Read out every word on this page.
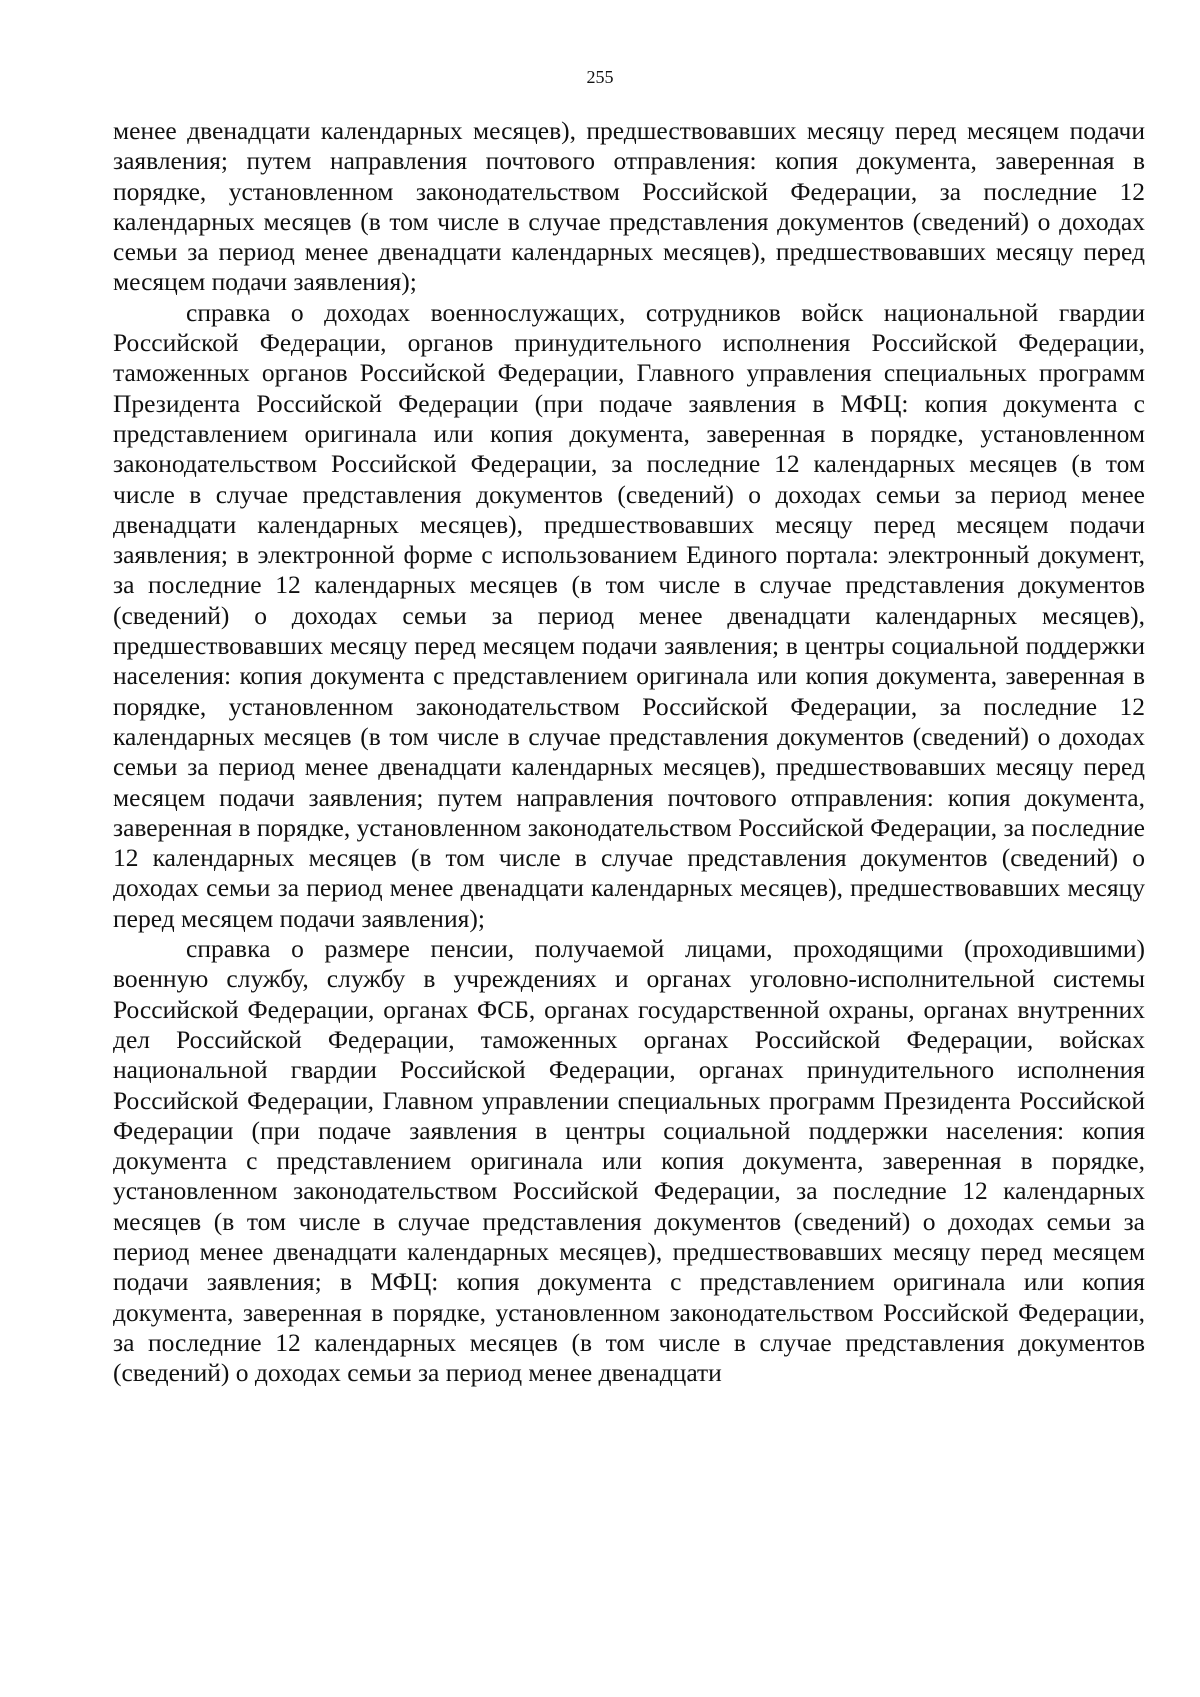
255

менее двенадцати календарных месяцев), предшествовавших месяцу перед месяцем подачи заявления; путем направления почтового отправления: копия документа, заверенная в порядке, установленном законодательством Российской Федерации, за последние 12 календарных месяцев (в том числе в случае представления документов (сведений) о доходах семьи за период менее двенадцати календарных месяцев), предшествовавших месяцу перед месяцем подачи заявления);

справка о доходах военнослужащих, сотрудников войск национальной гвардии Российской Федерации, органов принудительного исполнения Российской Федерации, таможенных органов Российской Федерации, Главного управления специальных программ Президента Российской Федерации (при подаче заявления в МФЦ: копия документа с представлением оригинала или копия документа, заверенная в порядке, установленном законодательством Российской Федерации, за последние 12 календарных месяцев (в том числе в случае представления документов (сведений) о доходах семьи за период менее двенадцати календарных месяцев), предшествовавших месяцу перед месяцем подачи заявления; в электронной форме с использованием Единого портала: электронный документ, за последние 12 календарных месяцев (в том числе в случае представления документов (сведений) о доходах семьи за период менее двенадцати календарных месяцев), предшествовавших месяцу перед месяцем подачи заявления; в центры социальной поддержки населения: копия документа с представлением оригинала или копия документа, заверенная в порядке, установленном законодательством Российской Федерации, за последние 12 календарных месяцев (в том числе в случае представления документов (сведений) о доходах семьи за период менее двенадцати календарных месяцев), предшествовавших месяцу перед месяцем подачи заявления; путем направления почтового отправления: копия документа, заверенная в порядке, установленном законодательством Российской Федерации, за последние 12 календарных месяцев (в том числе в случае представления документов (сведений) о доходах семьи за период менее двенадцати календарных месяцев), предшествовавших месяцу перед месяцем подачи заявления);

справка о размере пенсии, получаемой лицами, проходящими (проходившими) военную службу, службу в учреждениях и органах уголовно-исполнительной системы Российской Федерации, органах ФСБ, органах государственной охраны, органах внутренних дел Российской Федерации, таможенных органах Российской Федерации, войсках национальной гвардии Российской Федерации, органах принудительного исполнения Российской Федерации, Главном управлении специальных программ Президента Российской Федерации (при подаче заявления в центры социальной поддержки населения: копия документа с представлением оригинала или копия документа, заверенная в порядке, установленном законодательством Российской Федерации, за последние 12 календарных месяцев (в том числе в случае представления документов (сведений) о доходах семьи за период менее двенадцати календарных месяцев), предшествовавших месяцу перед месяцем подачи заявления; в МФЦ: копия документа с представлением оригинала или копия документа, заверенная в порядке, установленном законодательством Российской Федерации, за последние 12 календарных месяцев (в том числе в случае представления документов (сведений) о доходах семьи за период менее двенадцати
